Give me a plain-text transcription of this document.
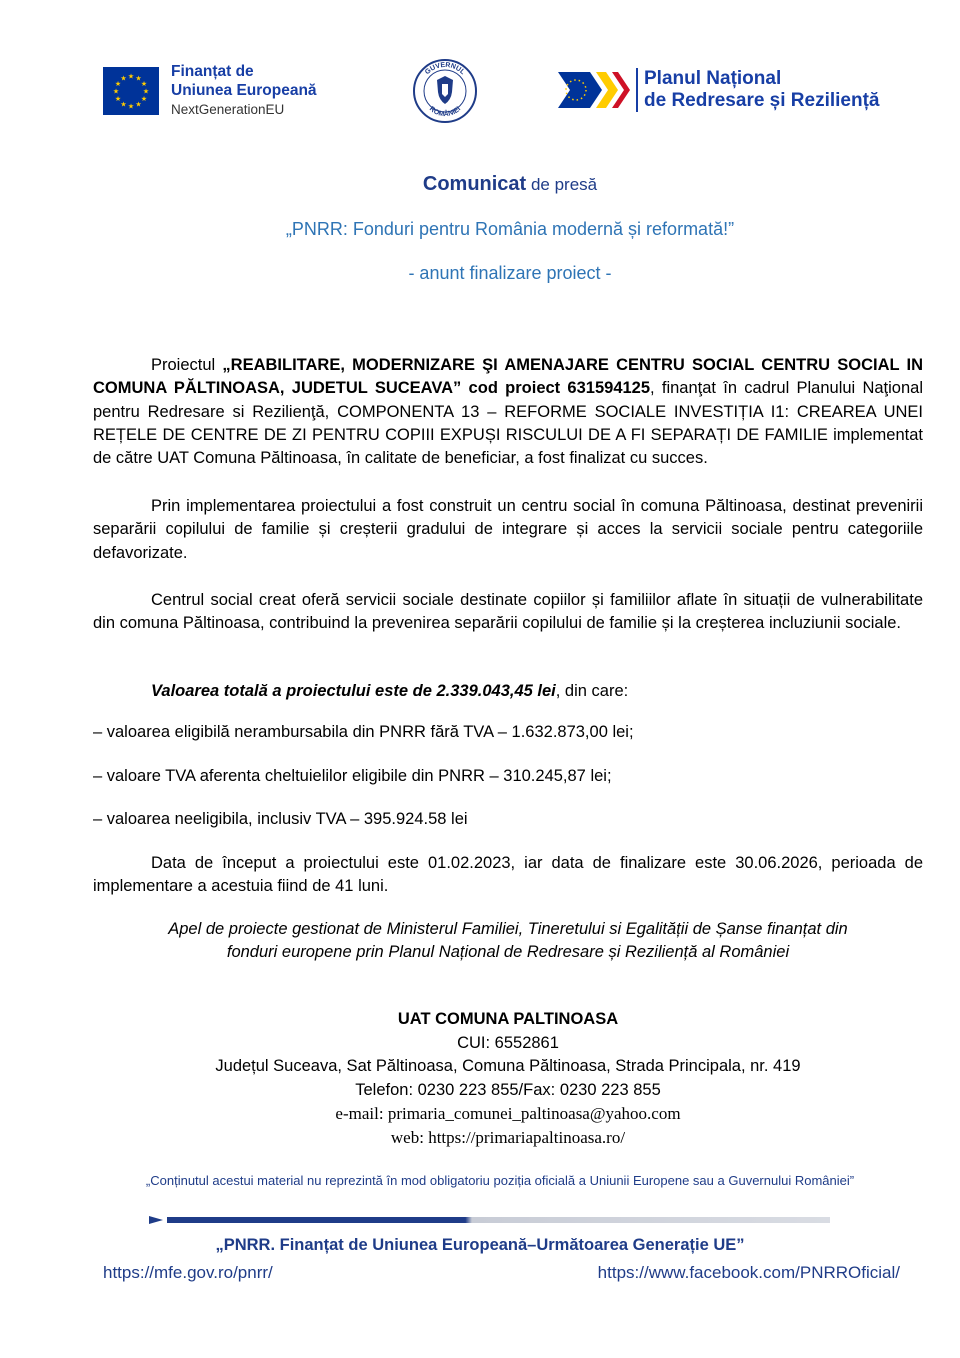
★
★
★
★
★
★
★
★
★ ★ ★
★
Finanțat de
Uniunea Europeană
NextGenerationEU
GUVERNUL
ROMÂNIEI
Planul Național
de Redresare și Reziliență
Comunicat de presă
„PNRR: Fonduri pentru România modernă și reformată!”
- anunt finalizare proiect -
Proiectul „REABILITARE, MODERNIZARE ŞI AMENAJARE CENTRU SOCIAL CENTRU SOCIAL IN COMUNA PĂLTINOASA, JUDETUL SUCEAVA” cod proiect 631594125, finanţat în cadrul Planului Naţional pentru Redresare si Rezilienţă, COMPONENTA 13 – REFORME SOCIALE INVESTIȚIA I1: CREAREA UNEI REȚELE DE CENTRE DE ZI PENTRU COPIII EXPUȘI RISCULUI DE A FI SEPARAȚI DE FAMILIE implementat de către UAT Comuna Păltinoasa, în calitate de beneficiar, a fost finalizat cu succes.
Prin implementarea proiectului a fost construit un centru social în comuna Păltinoasa, destinat prevenirii separării copilului de familie și creșterii gradului de integrare și acces la servicii sociale pentru categoriile defavorizate.
Centrul social creat oferă servicii sociale destinate copiilor și familiilor aflate în situații de vulnerabilitate din comuna Păltinoasa, contribuind la prevenirea separării copilului de familie și la creșterea incluziunii sociale.
Valoarea totală a proiectului este de 2.339.043,45 lei, din care:
– valoarea eligibilă nerambursabila din PNRR fără TVA – 1.632.873,00 lei;
– valoare TVA aferenta cheltuielilor eligibile din PNRR – 310.245,87 lei;
– valoarea neeligibila, inclusiv TVA – 395.924.58 lei
Data de început a proiectului este 01.02.2023, iar data de finalizare este 30.06.2026, perioada de implementare a acestuia fiind de 41 luni.
Apel de proiecte gestionat de Ministerul Familiei, Tineretului si Egalității de Șanse finanțat din
fonduri europene prin Planul Național de Redresare și Reziliență al României
UAT COMUNA PALTINOASA
CUI: 6552861
Județul Suceava, Sat Păltinoasa, Comuna Păltinoasa, Strada Principala, nr. 419
Telefon: 0230 223 855/Fax: 0230 223 855
e-mail: primaria_comunei_paltinoasa@yahoo.com
web: https://primariapaltinoasa.ro/
„Conținutul acestui material nu reprezintă în mod obligatoriu poziția oficială a Uniunii Europene sau a Guvernului României”
„PNRR. Finanțat de Uniunea Europeană–Următoarea Generație UE”
https://mfe.gov.ro/pnrr/	https://www.facebook.com/PNRROficial/
